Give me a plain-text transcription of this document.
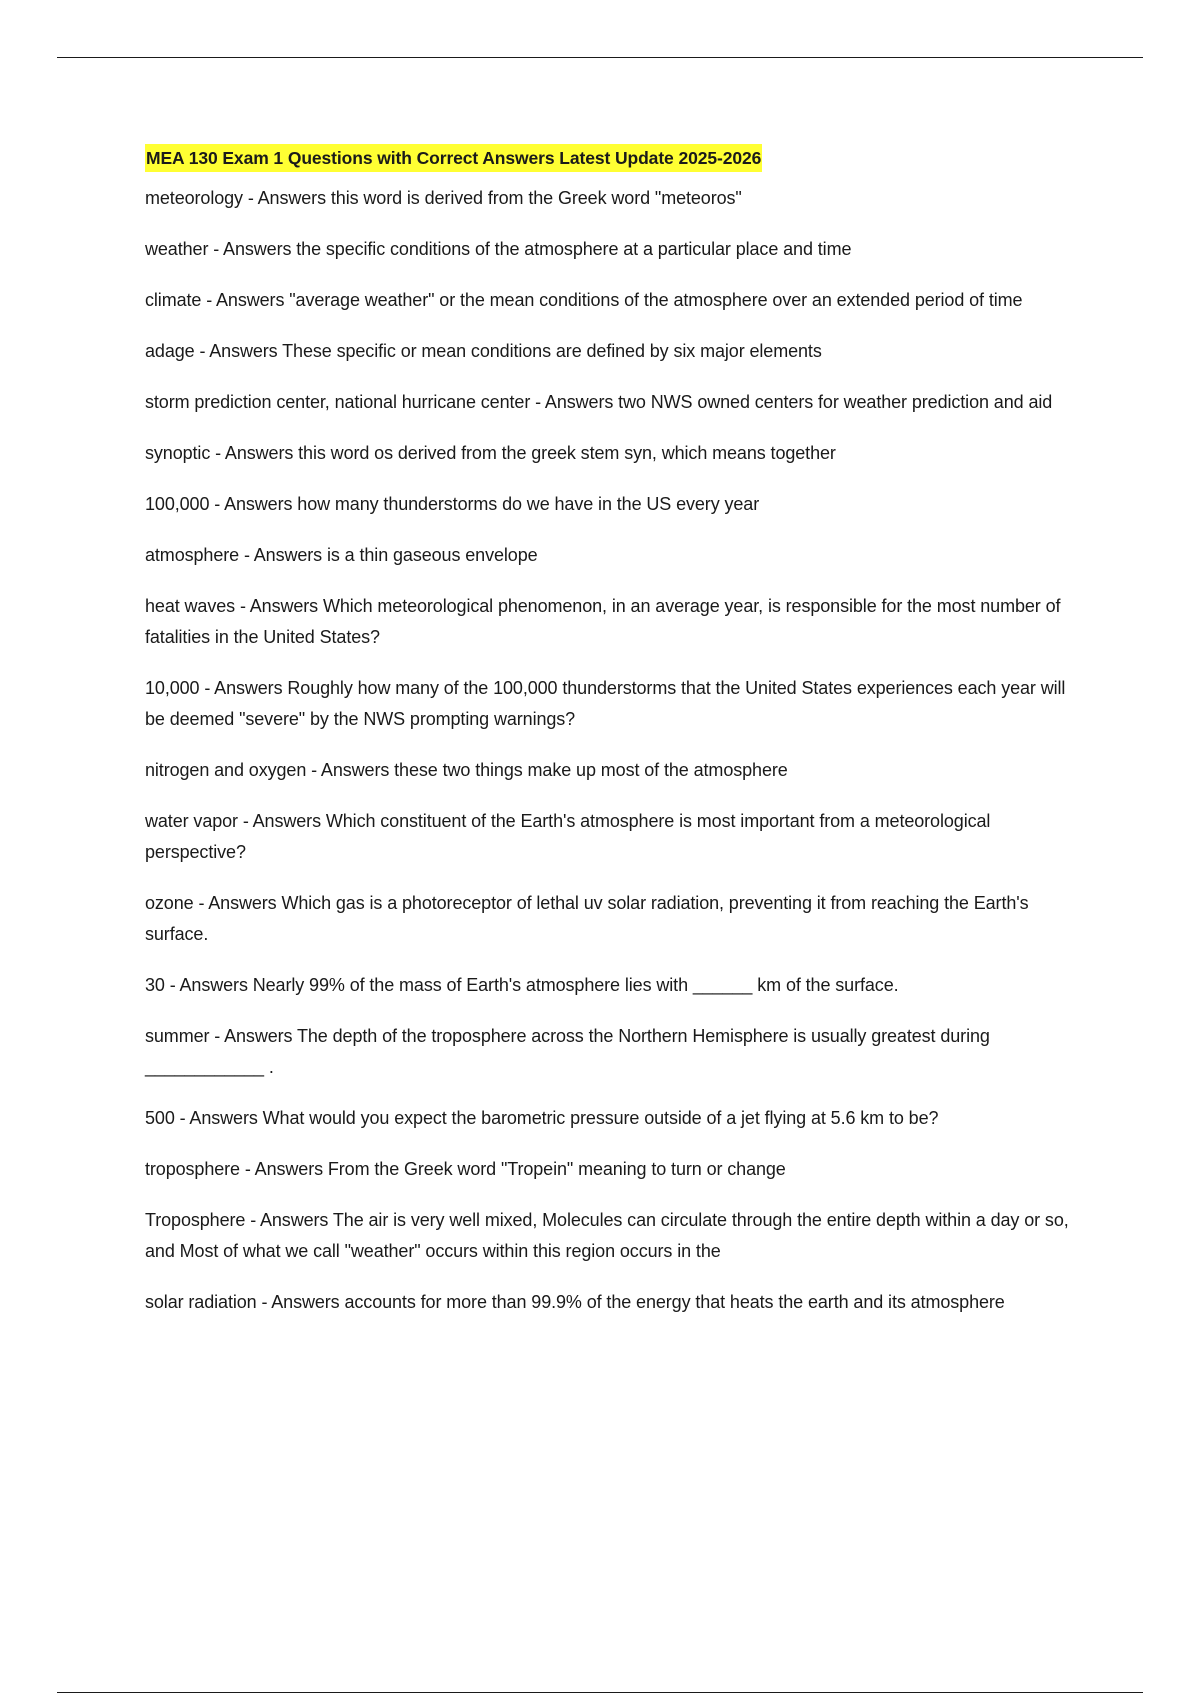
MEA 130 Exam 1 Questions with Correct Answers Latest Update 2025-2026

meteorology - Answers this word is derived from the Greek word "meteoros"

weather - Answers the specific conditions of the atmosphere at a particular place and time

climate - Answers "average weather" or the mean conditions of the atmosphere over an extended period of time

adage - Answers These specific or mean conditions are defined by six major elements

storm prediction center, national hurricane center - Answers two NWS owned centers for weather prediction and aid

synoptic - Answers this word os derived from the greek stem syn, which means together

100,000 - Answers how many thunderstorms do we have in the US every year

atmosphere - Answers is a thin gaseous envelope

heat waves - Answers Which meteorological phenomenon, in an average year, is responsible for the most number of fatalities in the United States?

10,000 - Answers Roughly how many of the 100,000 thunderstorms that the United States experiences each year will be deemed "severe" by the NWS prompting warnings?

nitrogen and oxygen - Answers these two things make up most of the atmosphere

water vapor - Answers Which constituent of the Earth's atmosphere is most important from a meteorological perspective?

ozone - Answers Which gas is a photoreceptor of lethal uv solar radiation, preventing it from reaching the Earth's surface.

30 - Answers Nearly 99% of the mass of Earth's atmosphere lies with ______ km of the surface.

summer - Answers The depth of the troposphere across the Northern Hemisphere is usually greatest during ____________ .

500 - Answers What would you expect the barometric pressure outside of a jet flying at 5.6 km to be?

troposphere - Answers From the Greek word "Tropein" meaning to turn or change

Troposphere - Answers The air is very well mixed, Molecules can circulate through the entire depth within a day or so, and Most of what we call "weather" occurs within this region occurs in the

solar radiation - Answers accounts for more than 99.9% of the energy that heats the earth and its atmosphere
